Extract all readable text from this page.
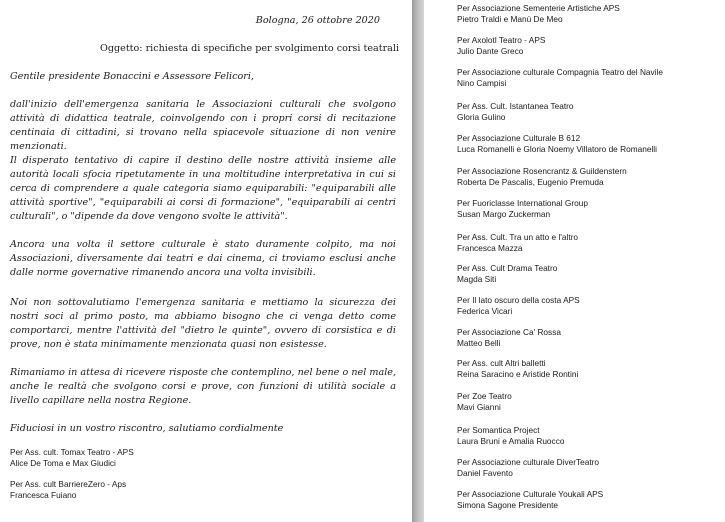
Bologna, 26 ottobre 2020

Oggetto: richiesta di specifiche per svolgimento corsi teatrali

Gentile presidente Bonaccini e Assessore Felicori,

dall'inizio dell'emergenza sanitaria le Associazioni culturali che svolgono attività di didattica teatrale, coinvolgendo con i propri corsi di recitazione centinaia di cittadini, si trovano nella spiacevole situazione di non venire menzionati.

Il disperato tentativo di capire il destino delle nostre attività insieme alle autorità locali sfocia ripetutamente in una moltitudine interpretativa in cui si cerca di comprendere a quale categoria siamo equiparabili: "equiparabili alle attività sportive", "equiparabili ai corsi di formazione", "equiparabili ai centri culturali", o "dipende da dove vengono svolte le attività".

Ancora una volta il settore culturale è stato duramente colpito, ma noi Associazioni, diversamente dai teatri e dai cinema, ci troviamo esclusi anche dalle norme governative rimanendo ancora una volta invisibili.

Noi non sottovalutiamo l'emergenza sanitaria e mettiamo la sicurezza dei nostri soci al primo posto, ma abbiamo bisogno che ci venga detto come comportarci, mentre l'attività del "dietro le quinte", ovvero di corsistica e di prove, non è stata minimamente menzionata quasi non esistesse.

Rimaniamo in attesa di ricevere risposte che contemplino, nel bene o nel male, anche le realtà che svolgono corsi e prove, con funzioni di utilità sociale a livello capillare nella nostra Regione.

Fiduciosi in un vostro riscontro, salutiamo cordialmente

Per Ass. cult. Tomax Teatro - APS
Alice De Toma e Max Giudici
Per Ass. cult BarriereZero - Aps
Francesca Fuiano
Per Associazione Sementerie Artistiche APS
Pietro Traldi e Manù De Meo
Per Axolotl Teatro - APS
Julio Dante Greco
Per Associazione culturale Compagnia Teatro del Navile
Nino Campisi
Per Ass. Cult. Istantanea Teatro
Gloria Gulino
Per Associazione Culturale B 612
Luca Romanelli e Gloria Noemy Villatoro de Romanelli
Per Associazione Rosencrantz & Guildenstern
Roberta De Pascalis, Eugenio Premuda
Per Fuoriclasse International Group
Susan Margo Zuckerman
Per Ass. Cult. Tra un atto e l'altro
Francesca Mazza
Per Ass. Cult Drama Teatro
Magda Siti
Per Il lato oscuro della costa APS
Federica Vicari
Per Associazione Ca' Rossa
Matteo Belli
Per Ass. cult Altri balletti
Reina Saracino e Aristide Rontini
Per Zoe Teatro
Mavi Gianni
Per Somantica Project
Laura Bruni e Amalia Ruocco
Per Associazione culturale DiverTeatro
Daniel Favento
Per Associazione Culturale Youkali APS
Simona Sagone Presidente
